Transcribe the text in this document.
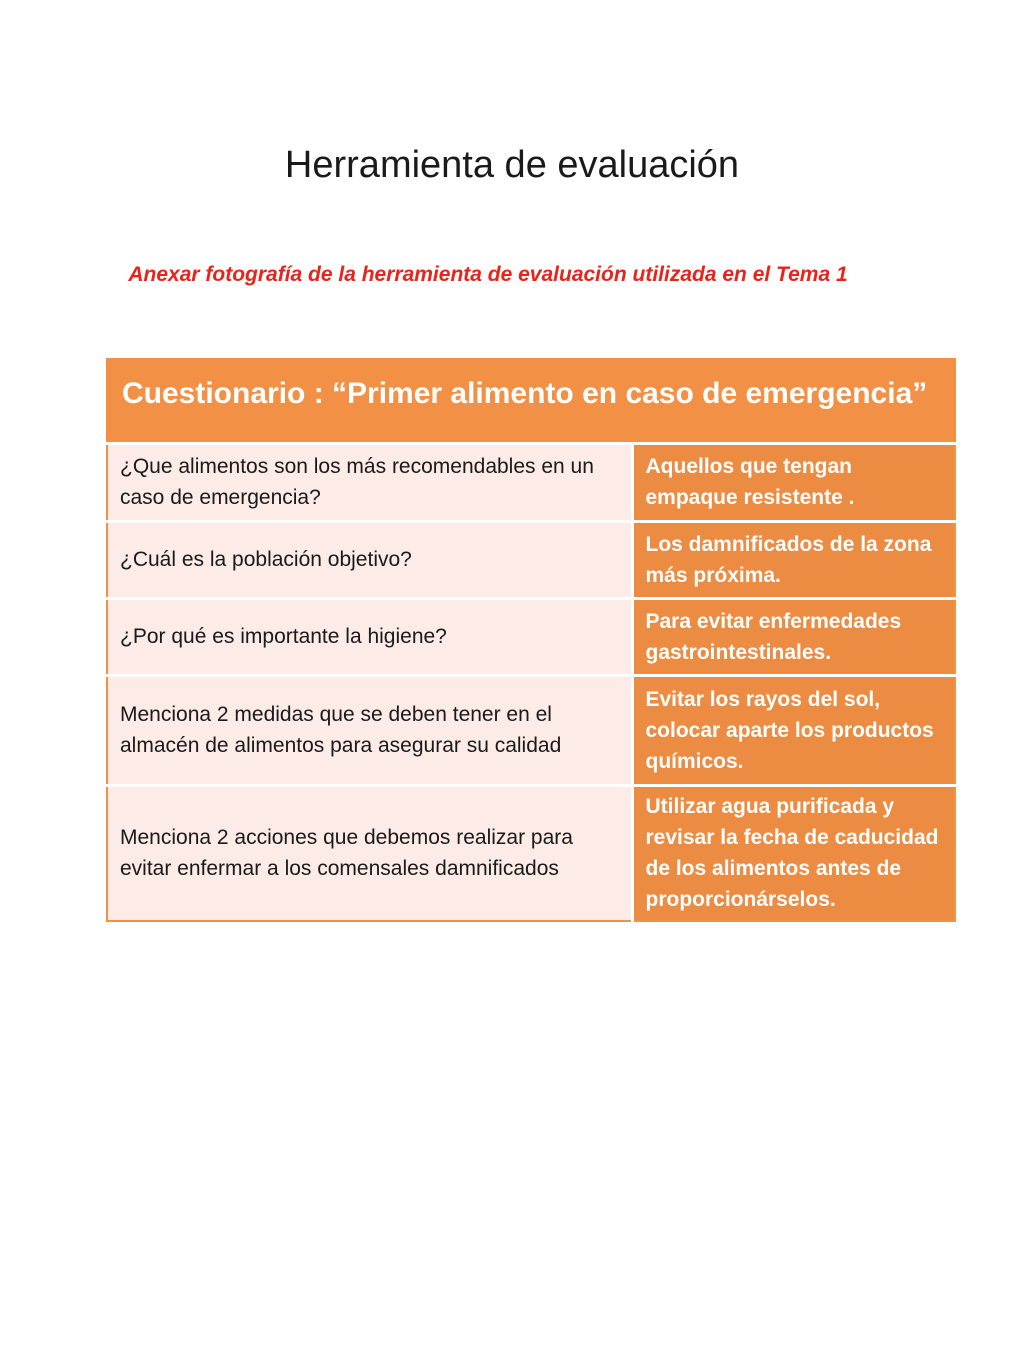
Herramienta de evaluación
Anexar fotografía de la herramienta de evaluación utilizada en el Tema 1
Cuestionario : “Primer alimento en caso de emergencia”	
¿Que alimentos son los más recomendables en un caso de emergencia?	Aquellos que tengan empaque resistente .
¿Cuál es la población objetivo?	Los damnificados de la zona más próxima.
¿Por qué es importante la higiene?	Para evitar enfermedades gastrointestinales.
Menciona 2 medidas que se deben tener en el almacén de alimentos para asegurar su calidad	Evitar los rayos del sol, colocar aparte los productos químicos.
Menciona 2 acciones que debemos realizar para evitar enfermar a los comensales damnificados	Utilizar agua purificada y revisar la fecha de caducidad de los alimentos antes de proporcionárselos.
